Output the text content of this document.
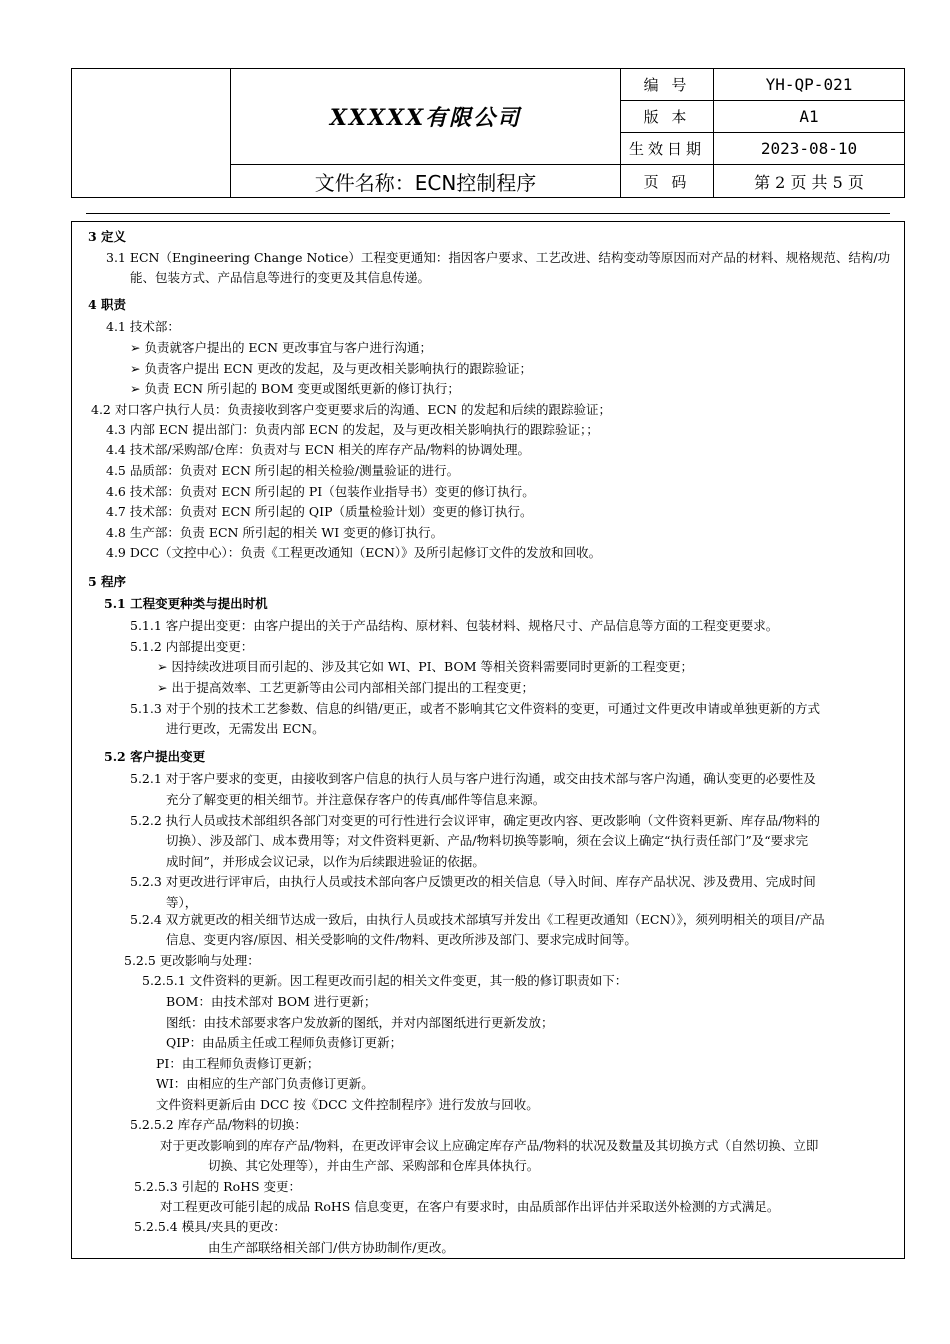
	XXXXX有限公司	编 号	YH-QP-021
		版 本	A1
		生效日期	2023-08-10
	文件名称：ECN控制程序	页 码	第 2 页 共 5 页
3 定义
3.1 ECN（Engineering Change Notice）工程变更通知：指因客户要求、工艺改进、结构变动等原因而对产品的材料、规格规范、结构/功
能、包装方式、产品信息等进行的变更及其信息传递。
4 职责
4.1 技术部：
➢ 负责就客户提出的 ECN 更改事宜与客户进行沟通；
➢ 负责客户提出 ECN 更改的发起，及与更改相关影响执行的跟踪验证；
➢ 负责 ECN 所引起的 BOM 变更或图纸更新的修订执行；
4.2 对口客户执行人员：负责接收到客户变更要求后的沟通、ECN 的发起和后续的跟踪验证；
4.3 内部 ECN 提出部门：负责内部 ECN 的发起，及与更改相关影响执行的跟踪验证；；
4.4 技术部/采购部/仓库：负责对与 ECN 相关的库存产品/物料的协调处理。
4.5 品质部：负责对 ECN 所引起的相关检验/测量验证的进行。
4.6 技术部：负责对 ECN 所引起的 PI（包装作业指导书）变更的修订执行。
4.7 技术部：负责对 ECN 所引起的 QIP（质量检验计划）变更的修订执行。
4.8 生产部：负责 ECN 所引起的相关 WI 变更的修订执行。
4.9 DCC（文控中心）：负责《工程更改通知（ECN）》及所引起修订文件的发放和回收。
5 程序
5.1 工程变更种类与提出时机
5.1.1 客户提出变更：由客户提出的关于产品结构、原材料、包装材料、规格尺寸、产品信息等方面的工程变更要求。
5.1.2 内部提出变更：
➢ 因持续改进项目而引起的、涉及其它如 WI、PI、BOM 等相关资料需要同时更新的工程变更；
➢ 出于提高效率、工艺更新等由公司内部相关部门提出的工程变更；
5.1.3 对于个别的技术工艺参数、信息的纠错/更正，或者不影响其它文件资料的变更，可通过文件更改申请或单独更新的方式
进行更改，无需发出 ECN。
5.2 客户提出变更
5.2.1 对于客户要求的变更，由接收到客户信息的执行人员与客户进行沟通，或交由技术部与客户沟通，确认变更的必要性及
充分了解变更的相关细节。并注意保存客户的传真/邮件等信息来源。
5.2.2 执行人员或技术部组织各部门对变更的可行性进行会议评审，确定更改内容、更改影响（文件资料更新、库存品/物料的
切换）、涉及部门、成本费用等；对文件资料更新、产品/物料切换等影响，须在会议上确定“执行责任部门”及“要求完
成时间”，并形成会议记录，以作为后续跟进验证的依据。
5.2.3 对更改进行评审后，由执行人员或技术部向客户反馈更改的相关信息（导入时间、库存产品状况、涉及费用、完成时间
等），
5.2.4 双方就更改的相关细节达成一致后，由执行人员或技术部填写并发出《工程更改通知（ECN）》，须列明相关的项目/产品
信息、变更内容/原因、相关受影响的文件/物料、更改所涉及部门、要求完成时间等。
5.2.5 更改影响与处理：
5.2.5.1 文件资料的更新。因工程更改而引起的相关文件变更，其一般的修订职责如下：
BOM：由技术部对 BOM 进行更新；
图纸：由技术部要求客户发放新的图纸，并对内部图纸进行更新发放；
QIP：由品质主任或工程师负责修订更新；
PI：由工程师负责修订更新；
WI：由相应的生产部门负责修订更新。
文件资料更新后由 DCC 按《DCC 文件控制程序》进行发放与回收。
5.2.5.2 库存产品/物料的切换：
对于更改影响到的库存产品/物料，在更改评审会议上应确定库存产品/物料的状况及数量及其切换方式（自然切换、立即
切换、其它处理等），并由生产部、采购部和仓库具体执行。
5.2.5.3 引起的 RoHS 变更：
对工程更改可能引起的成品 RoHS 信息变更，在客户有要求时，由品质部作出评估并采取送外检测的方式满足。
5.2.5.4 模具/夹具的更改：
由生产部联络相关部门/供方协助制作/更改。
